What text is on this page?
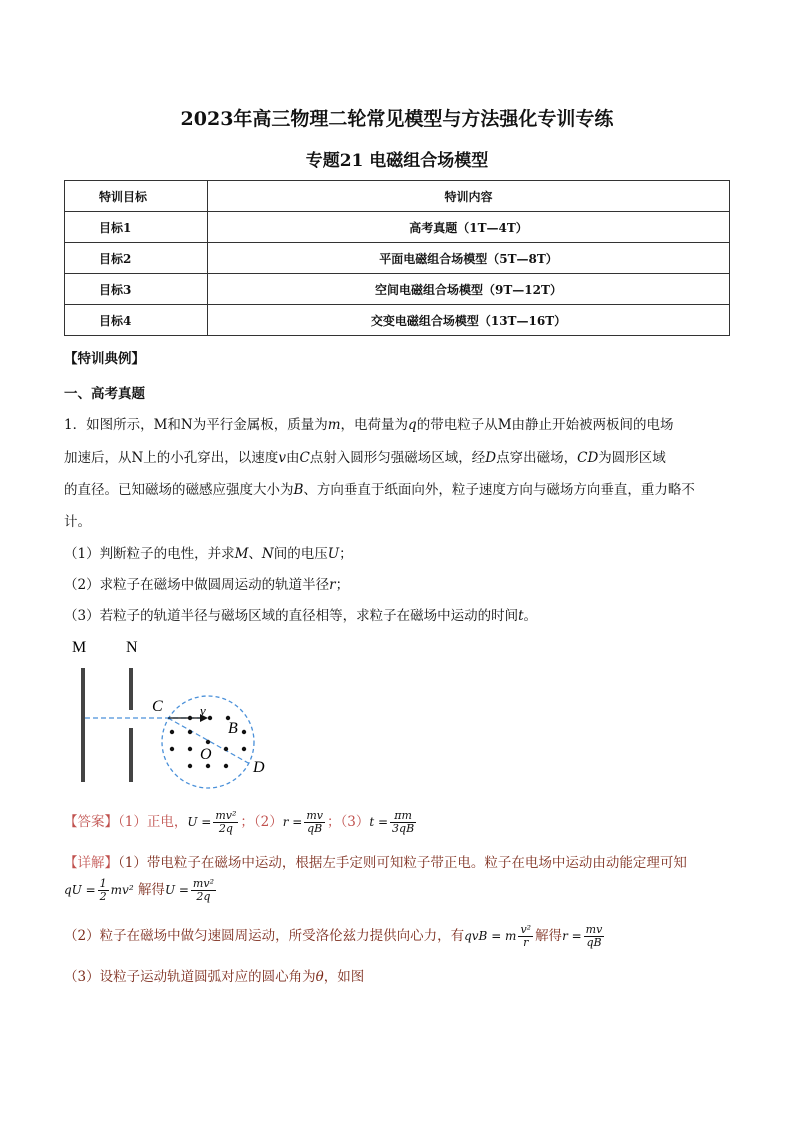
2023年高三物理二轮常见模型与方法强化专训专练
专题21 电磁组合场模型
特训目标	特训内容
目标1	高考真题（1T—4T）
目标2	平面电磁组合场模型（5T—8T）
目标3	空间电磁组合场模型（9T—12T）
目标4	交变电磁组合场模型（13T—16T）
【特训典例】
一、高考真题
1．如图所示，M和N为平行金属板，质量为m，电荷量为q的带电粒子从M由静止开始被两板间的电场
加速后，从N上的小孔穿出，以速度v由C点射入圆形匀强磁场区域，经D点穿出磁场，CD为圆形区域
的直径。已知磁场的磁感应强度大小为B、方向垂直于纸面向外，粒子速度方向与磁场方向垂直，重力略不
计。
（1）判断粒子的电性，并求M、N间的电压U；
（2）求粒子在磁场中做圆周运动的轨道半径r；
（3）若粒子的轨道半径与磁场区域的直径相等，求粒子在磁场中运动的时间t。
M N
C	v
B
O
D
【答案】（1）正电，$U = \frac{\text{mv²}}{2q}$ ；$(2)r = \frac{mv}{qB}$ ；$(3)t = \frac{\pi m}{3qB}$
【详解】（1）带电粒子在磁场中运动，根据左手定则可知粒子带正电。粒子在电场中运动由动能定理可知
qU = $\frac{1}{2} mv^2$ 解得$U = \frac{\text{mv²}}{2q}$
（2）粒子在磁场中做匀速圆周运动，所受洛伦兹力提供向心力，有qvB = m $\frac{\text{v²}}{r}$ 解得$r = \frac{mv}{qB}$
（3）设粒子运动轨道圆弧对应的圆心角为θ，如图
